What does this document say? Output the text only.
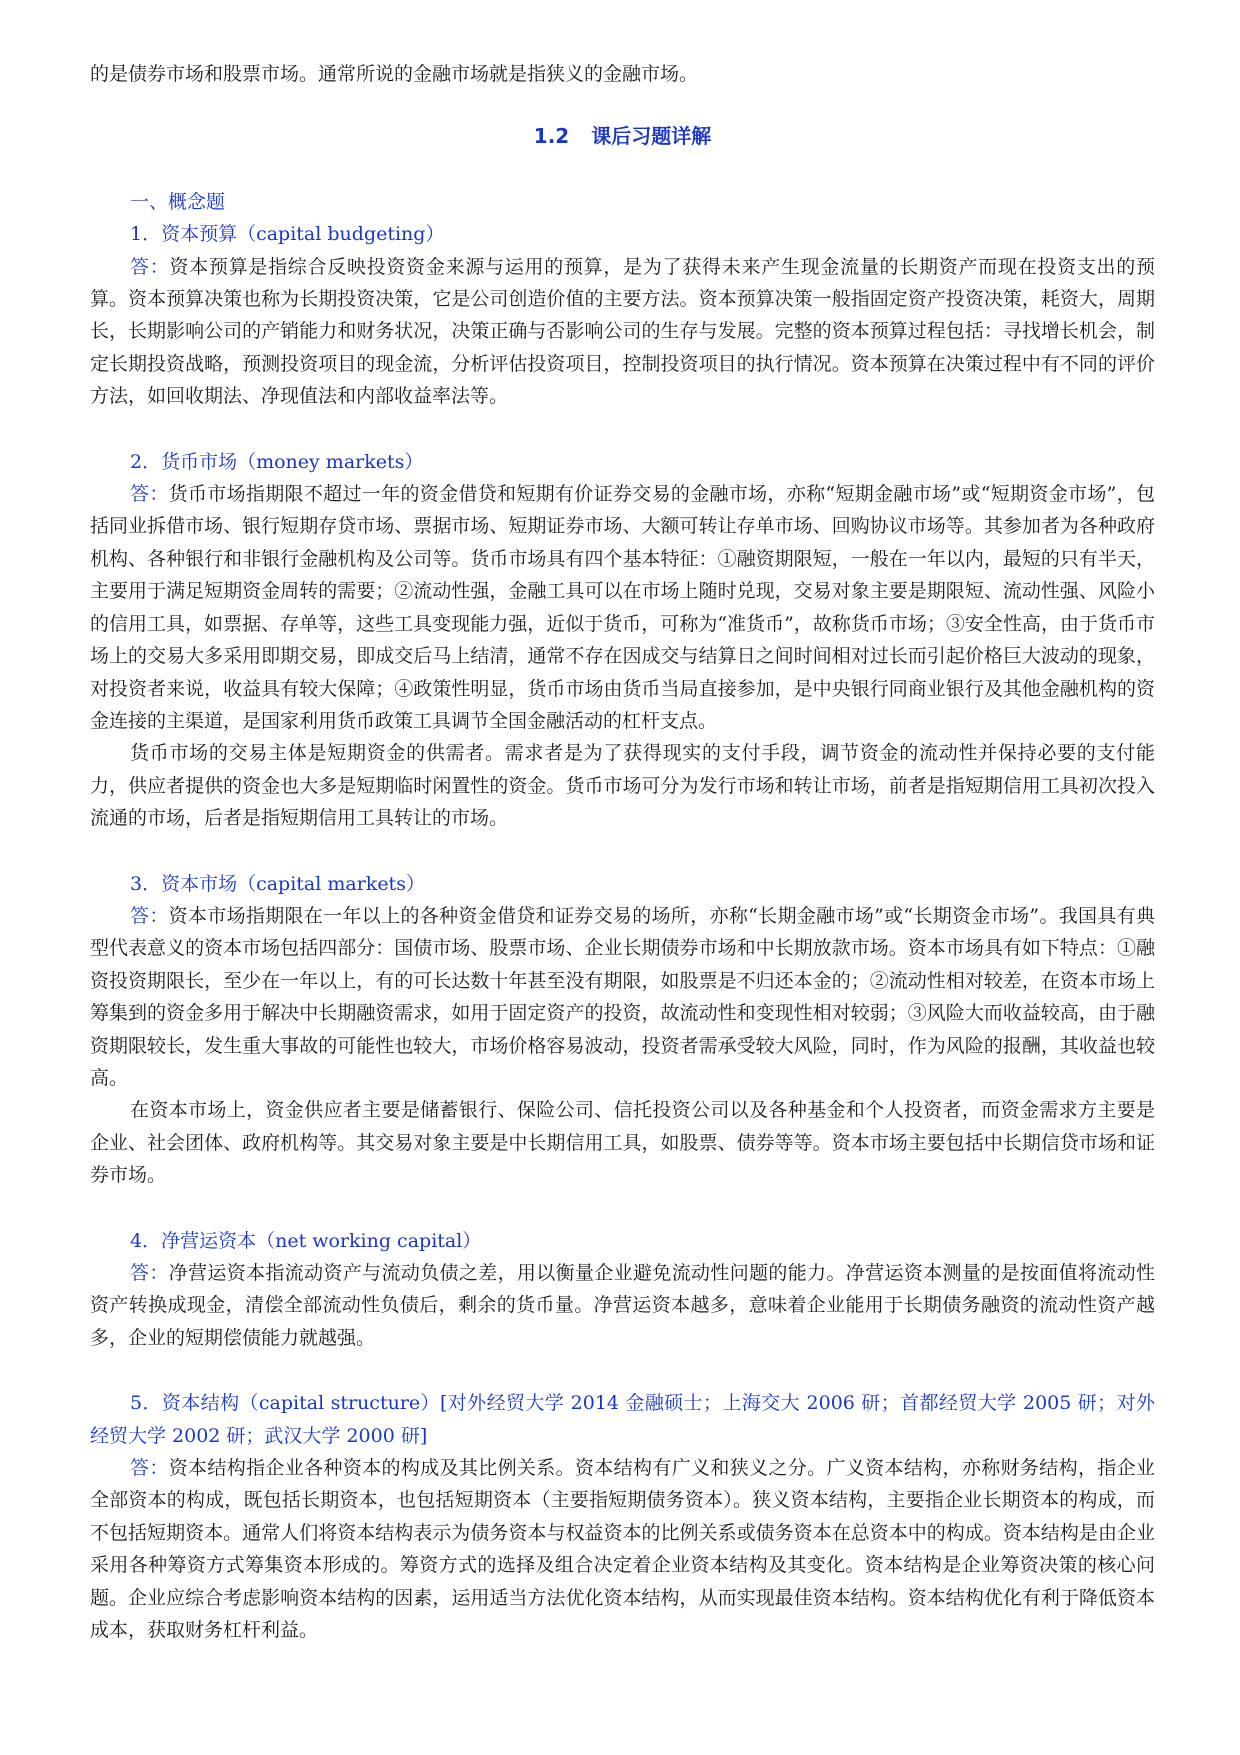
的是债券市场和股票市场。通常所说的金融市场就是指狭义的金融市场。

1.2 课后习题详解

一、概念题

1．资本预算（capital budgeting）

答：资本预算是指综合反映投资资金来源与运用的预算，是为了获得未来产生现金流量的长期资产而现在投资支出的预算。资本预算决策也称为长期投资决策，它是公司创造价值的主要方法。资本预算决策一般指固定资产投资决策，耗资大，周期长，长期影响公司的产销能力和财务状况，决策正确与否影响公司的生存与发展。完整的资本预算过程包括：寻找增长机会，制定长期投资战略，预测投资项目的现金流，分析评估投资项目，控制投资项目的执行情况。资本预算在决策过程中有不同的评价方法，如回收期法、净现值法和内部收益率法等。

2．货币市场（money markets）

答：货币市场指期限不超过一年的资金借贷和短期有价证券交易的金融市场，亦称“短期金融市场”或“短期资金市场”，包括同业拆借市场、银行短期存贷市场、票据市场、短期证券市场、大额可转让存单市场、回购协议市场等。其参加者为各种政府机构、各种银行和非银行金融机构及公司等。货币市场具有四个基本特征：①融资期限短，一般在一年以内，最短的只有半天，主要用于满足短期资金周转的需要；②流动性强，金融工具可以在市场上随时兑现，交易对象主要是期限短、流动性强、风险小的信用工具，如票据、存单等，这些工具变现能力强，近似于货币，可称为“准货币”，故称货币市场；③安全性高，由于货币市场上的交易大多采用即期交易，即成交后马上结清，通常不存在因成交与结算日之间时间相对过长而引起价格巨大波动的现象，对投资者来说，收益具有较大保障；④政策性明显，货币市场由货币当局直接参加，是中央银行同商业银行及其他金融机构的资金连接的主渠道，是国家利用货币政策工具调节全国金融活动的杠杆支点。

货币市场的交易主体是短期资金的供需者。需求者是为了获得现实的支付手段，调节资金的流动性并保持必要的支付能力，供应者提供的资金也大多是短期临时闲置性的资金。货币市场可分为发行市场和转让市场，前者是指短期信用工具初次投入流通的市场，后者是指短期信用工具转让的市场。

3．资本市场（capital markets）

答：资本市场指期限在一年以上的各种资金借贷和证券交易的场所，亦称“长期金融市场”或“长期资金市场”。我国具有典型代表意义的资本市场包括四部分：国债市场、股票市场、企业长期债券市场和中长期放款市场。资本市场具有如下特点：①融资投资期限长，至少在一年以上，有的可长达数十年甚至没有期限，如股票是不归还本金的；②流动性相对较差，在资本市场上筹集到的资金多用于解决中长期融资需求，如用于固定资产的投资，故流动性和变现性相对较弱；③风险大而收益较高，由于融资期限较长，发生重大事故的可能性也较大，市场价格容易波动，投资者需承受较大风险，同时，作为风险的报酬，其收益也较高。

在资本市场上，资金供应者主要是储蓄银行、保险公司、信托投资公司以及各种基金和个人投资者，而资金需求方主要是企业、社会团体、政府机构等。其交易对象主要是中长期信用工具，如股票、债券等等。资本市场主要包括中长期信贷市场和证券市场。

4．净营运资本（net working capital）

答：净营运资本指流动资产与流动负债之差，用以衡量企业避免流动性问题的能力。净营运资本测量的是按面值将流动性资产转换成现金，清偿全部流动性负债后，剩余的货币量。净营运资本越多，意味着企业能用于长期债务融资的流动性资产越多，企业的短期偿债能力就越强。

5．资本结构（capital structure）[对外经贸大学 2014 金融硕士；上海交大 2006 研；首都经贸大学 2005 研；对外经贸大学 2002 研；武汉大学 2000 研]

答：资本结构指企业各种资本的构成及其比例关系。资本结构有广义和狭义之分。广义资本结构，亦称财务结构，指企业全部资本的构成，既包括长期资本，也包括短期资本（主要指短期债务资本）。狭义资本结构，主要指企业长期资本的构成，而不包括短期资本。通常人们将资本结构表示为债务资本与权益资本的比例关系或债务资本在总资本中的构成。资本结构是由企业采用各种筹资方式筹集资本形成的。筹资方式的选择及组合决定着企业资本结构及其变化。资本结构是企业筹资决策的核心问题。企业应综合考虑影响资本结构的因素，运用适当方法优化资本结构，从而实现最佳资本结构。资本结构优化有利于降低资本成本，获取财务杠杆利益。
